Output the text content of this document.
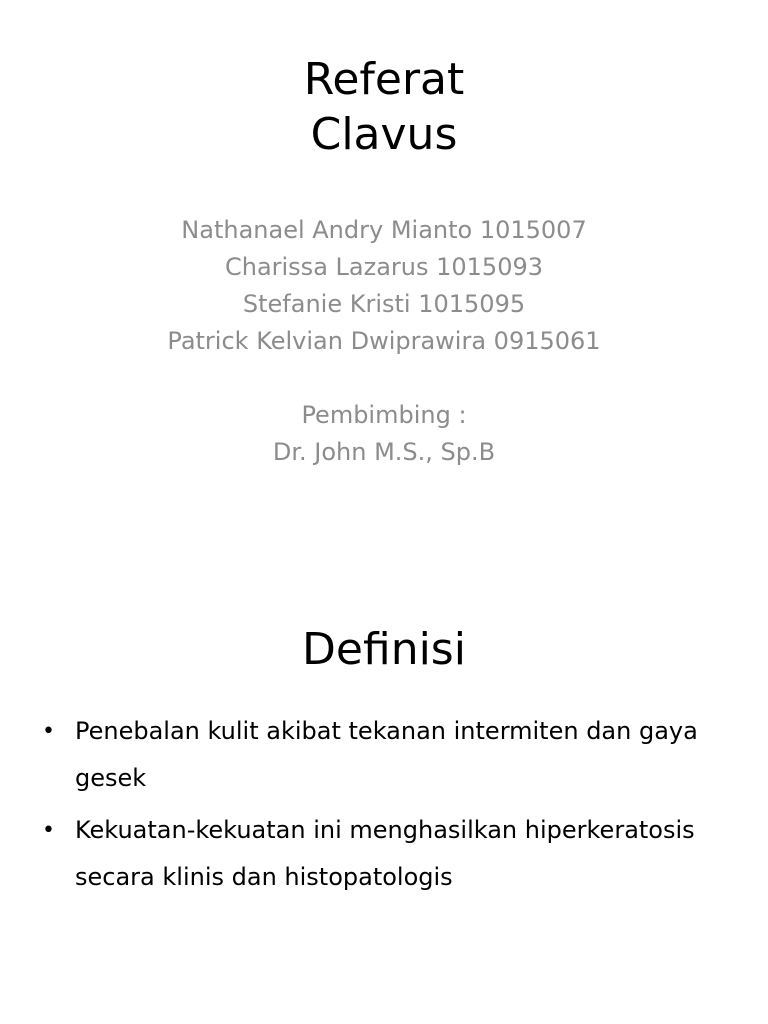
Referat
Clavus
Nathanael Andry Mianto 1015007
Charissa Lazarus 1015093
Stefanie Kristi 1015095
Patrick Kelvian Dwiprawira 0915061
Pembimbing :
Dr. John M.S., Sp.B
Definisi
• Penebalan kulit akibat tekanan intermiten dan gaya gesek
• Kekuatan-kekuatan ini menghasilkan hiperkeratosis secara klinis dan histopatologis
